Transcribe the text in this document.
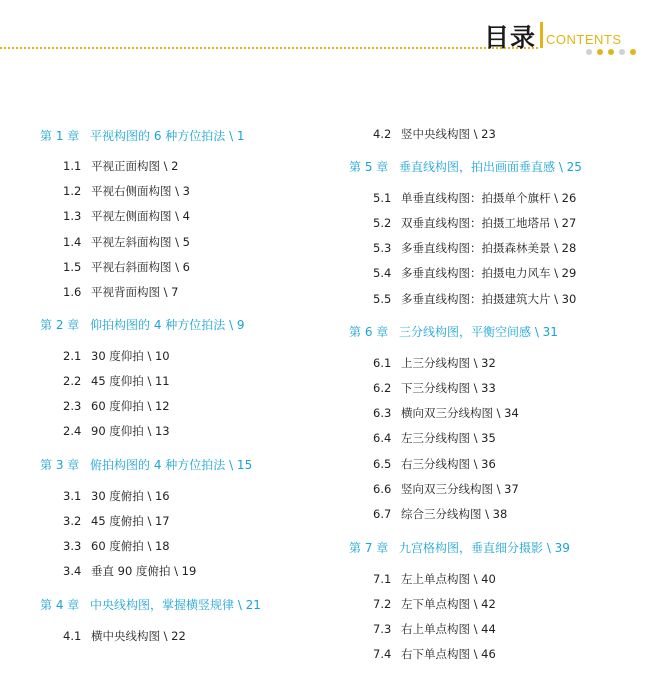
目录 CONTENTS
第 1 章 平视构图的 6 种方位拍法 \ 1
1.1 平视正面构图 \ 2
1.2 平视右侧面构图 \ 3
1.3 平视左侧面构图 \ 4
1.4 平视左斜面构图 \ 5
1.5 平视右斜面构图 \ 6
1.6 平视背面构图 \ 7
第 2 章 仰拍构图的 4 种方位拍法 \ 9
2.1 30 度仰拍 \ 10
2.2 45 度仰拍 \ 11
2.3 60 度仰拍 \ 12
2.4 90 度仰拍 \ 13
第 3 章 俯拍构图的 4 种方位拍法 \ 15
3.1 30 度俯拍 \ 16
3.2 45 度俯拍 \ 17
3.3 60 度俯拍 \ 18
3.4 垂直 90 度俯拍 \ 19
第 4 章 中央线构图，掌握横竖规律 \ 21
4.1 横中央线构图 \ 22
4.2 竖中央线构图 \ 23
第 5 章 垂直线构图，拍出画面垂直感 \ 25
5.1 单垂直线构图：拍摄单个旗杆 \ 26
5.2 双垂直线构图：拍摄工地塔吊 \ 27
5.3 多垂直线构图：拍摄森林美景 \ 28
5.4 多垂直线构图：拍摄电力风车 \ 29
5.5 多垂直线构图：拍摄建筑大片 \ 30
第 6 章 三分线构图，平衡空间感 \ 31
6.1 上三分线构图 \ 32
6.2 下三分线构图 \ 33
6.3 横向双三分线构图 \ 34
6.4 左三分线构图 \ 35
6.5 右三分线构图 \ 36
6.6 竖向双三分线构图 \ 37
6.7 综合三分线构图 \ 38
第 7 章 九宫格构图，垂直细分摄影 \ 39
7.1 左上单点构图 \ 40
7.2 左下单点构图 \ 42
7.3 右上单点构图 \ 44
7.4 右下单点构图 \ 46
